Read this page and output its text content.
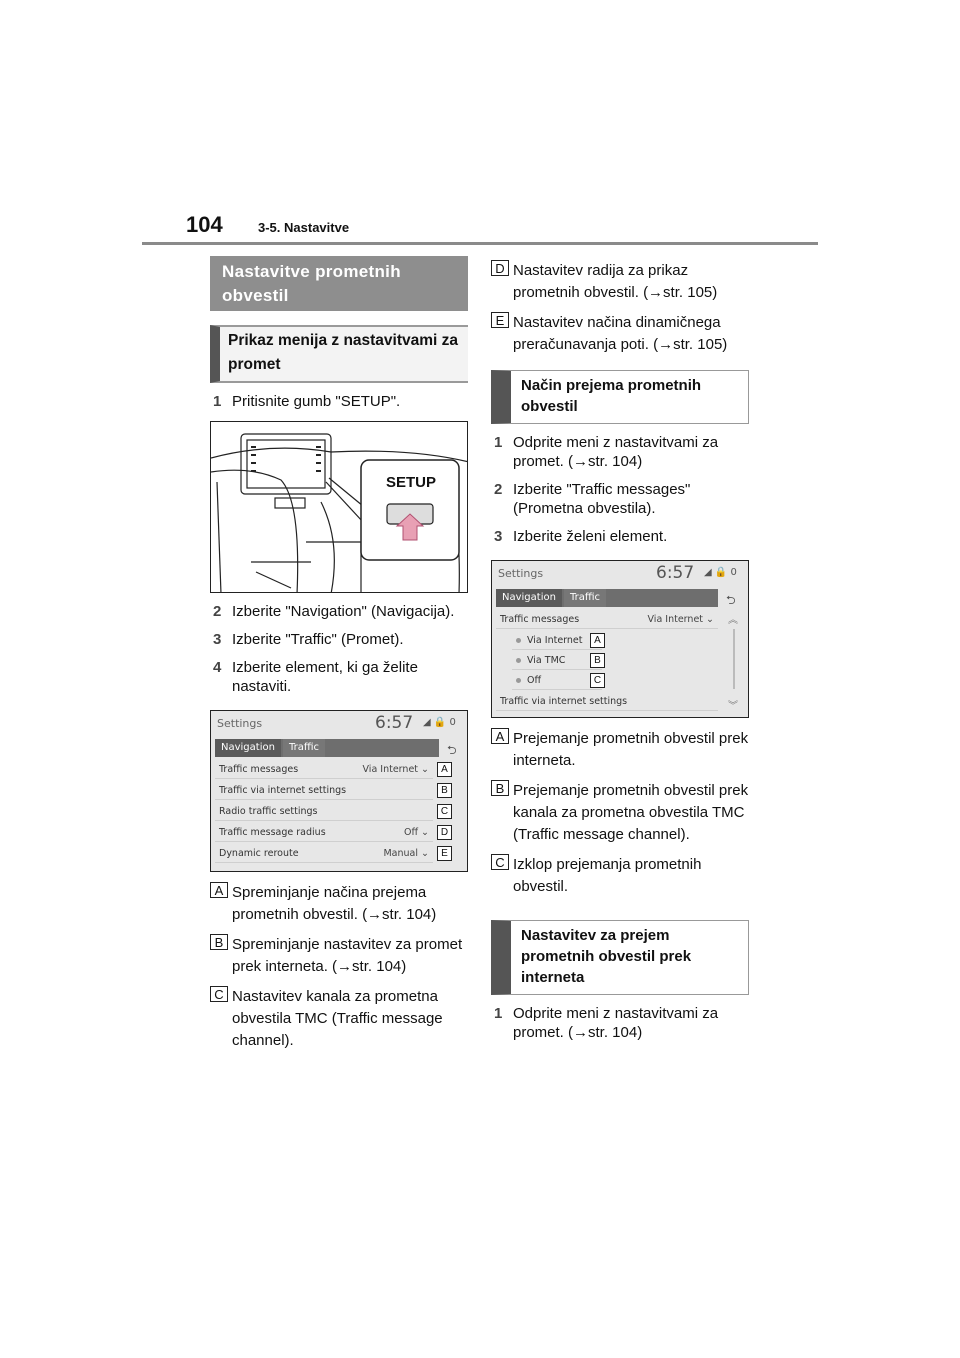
104	3-5. Nastavitve
Nastavitve prometnih obvestil
Prikaz menija z nastavitvami za promet
1 Pritisnite gumb "SETUP".
SETUP
2 Izberite "Navigation" (Navigacija).
3 Izberite "Traffic" (Promet).
4 Izberite element, ki ga želite nastaviti.
Settings	6:57 ◢ 🔒 0
Navigation	Traffic	⮌
Traffic messages	Via Internet ⌄	A
Traffic via internet settings	B
Radio traffic settings	C
Traffic message radius	Off ⌄	D
Dynamic reroute	Manual ⌄	E
A Spreminjanje načina prejema prometnih obvestil. (→str. 104)
B Spreminjanje nastavitev za promet prek interneta. (→str. 104)
C Nastavitev kanala za prometna obvestila TMC (Traffic message channel).
D Nastavitev radija za prikaz prometnih obvestil. (→str. 105)
E Nastavitev načina dinamičnega preračunavanja poti. (→str. 105)
Način prejema prometnih obvestil
1 Odprite meni z nastavitvami za promet. (→str. 104)
2 Izberite "Traffic messages" (Prometna obvestila).
3 Izberite želeni element.
Settings	6:57 ◢ 🔒 0
Navigation	Traffic	⮌
Traffic messages	Via Internet ⌄ ︽
Via Internet	A
Via TMC	B
Off	C
Traffic via internet settings	︾
A Prejemanje prometnih obvestil prek interneta.
B Prejemanje prometnih obvestil prek kanala za prometna obvestila TMC (Traffic message channel).
C Izklop prejemanja prometnih obvestil.
Nastavitev za prejem prometnih obvestil prek interneta
1 Odprite meni z nastavitvami za promet. (→str. 104)
